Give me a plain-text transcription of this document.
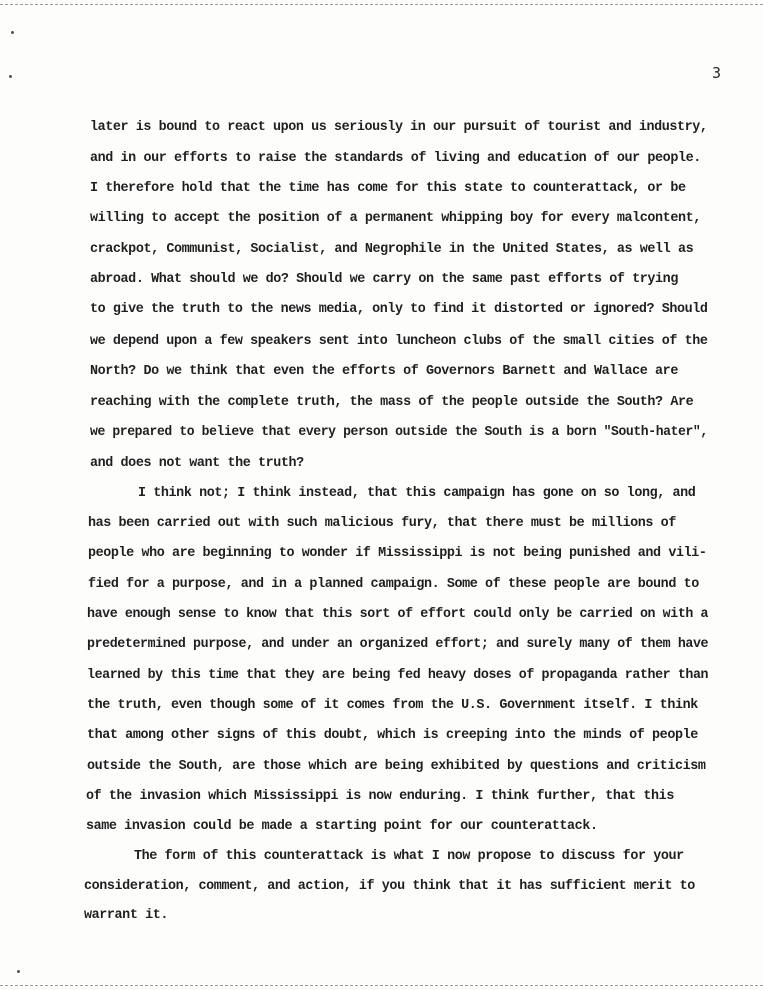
3
later is bound to react upon us seriously in our pursuit of tourist and industry,
and in our efforts to raise the standards of living and education of our people.
I therefore hold that the time has come for this state to counterattack, or be
willing to accept the position of a permanent whipping boy for every malcontent,
crackpot, Communist, Socialist, and Negrophile in the United States, as well as
abroad. What should we do? Should we carry on the same past efforts of trying
to give the truth to the news media, only to find it distorted or ignored? Should
we depend upon a few speakers sent into luncheon clubs of the small cities of the
North? Do we think that even the efforts of Governors Barnett and Wallace are
reaching with the complete truth, the mass of the people outside the South? Are
we prepared to believe that every person outside the South is a born "South-hater",
and does not want the truth?
I think not; I think instead, that this campaign has gone on so long, and
has been carried out with such malicious fury, that there must be millions of
people who are beginning to wonder if Mississippi is not being punished and vili-
fied for a purpose, and in a planned campaign. Some of these people are bound to
have enough sense to know that this sort of effort could only be carried on with a
predetermined purpose, and under an organized effort; and surely many of them have
learned by this time that they are being fed heavy doses of propaganda rather than
the truth, even though some of it comes from the U.S. Government itself. I think
that among other signs of this doubt, which is creeping into the minds of people
outside the South, are those which are being exhibited by questions and criticism
of the invasion which Mississippi is now enduring. I think further, that this
same invasion could be made a starting point for our counterattack.
The form of this counterattack is what I now propose to discuss for your
consideration, comment, and action, if you think that it has sufficient merit to
warrant it.
